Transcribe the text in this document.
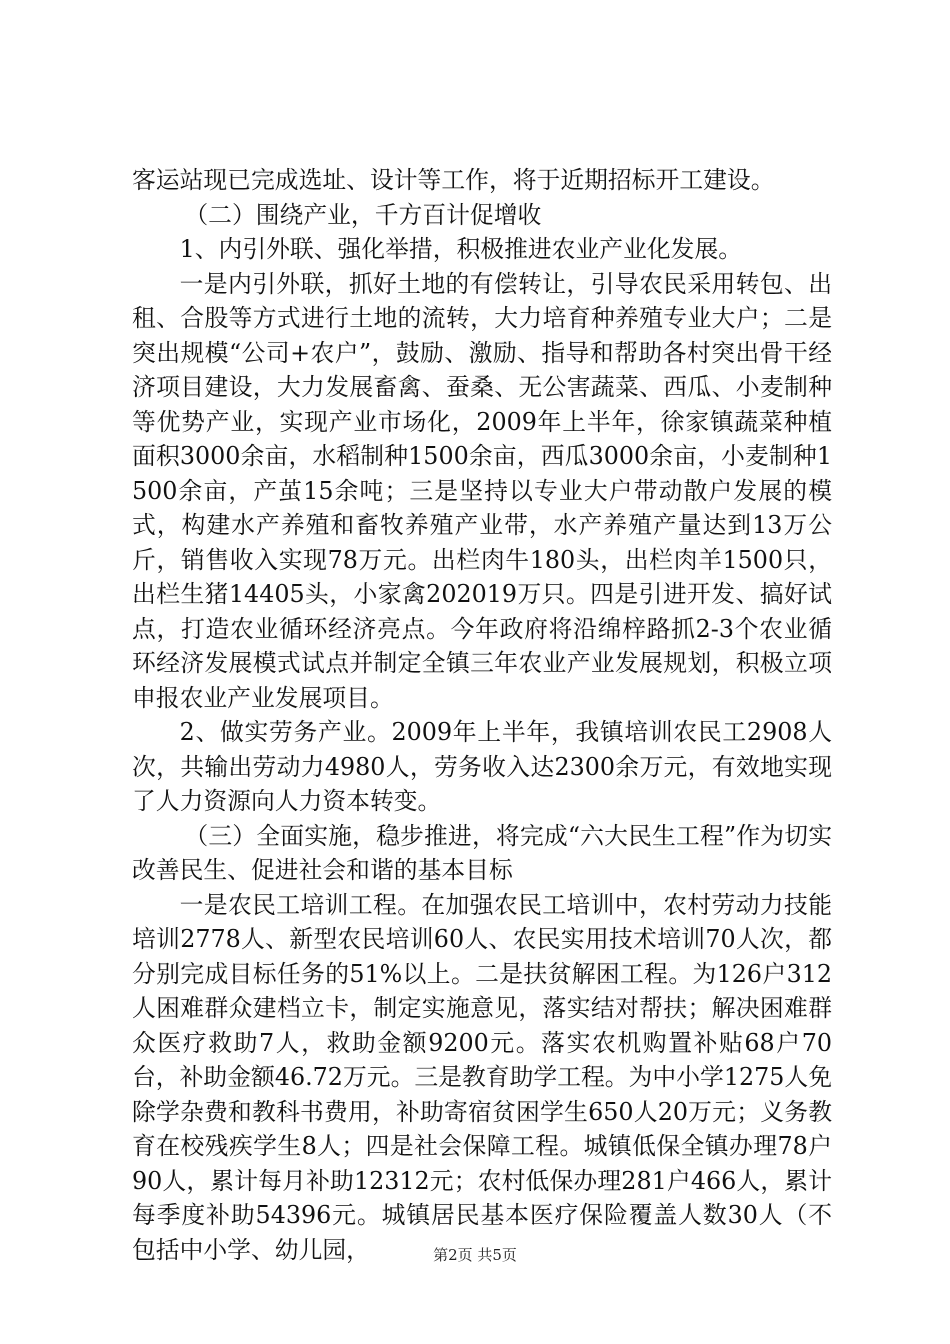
客运站现已完成选址、设计等工作，将于近期招标开工建设。

（二）围绕产业，千方百计促增收

1、内引外联、强化举措，积极推进农业产业化发展。

一是内引外联，抓好土地的有偿转让，引导农民采用转包、出租、合股等方式进行土地的流转，大力培育种养殖专业大户；二是突出规模“公司+农户”，鼓励、激励、指导和帮助各村突出骨干经济项目建设，大力发展畜禽、蚕桑、无公害蔬菜、西瓜、小麦制种等优势产业，实现产业市场化，2009年上半年，徐家镇蔬菜种植面积3000余亩，水稻制种1500余亩，西瓜3000余亩，小麦制种1500余亩，产茧15余吨；三是坚持以专业大户带动散户发展的模式，构建水产养殖和畜牧养殖产业带，水产养殖产量达到13万公斤，销售收入实现78万元。出栏肉牛180头，出栏肉羊1500只，出栏生猪14405头，小家禽202019万只。四是引进开发、搞好试点，打造农业循环经济亮点。今年政府将沿绵梓路抓2-3个农业循环经济发展模式试点并制定全镇三年农业产业发展规划，积极立项申报农业产业发展项目。

2、做实劳务产业。2009年上半年，我镇培训农民工2908人次，共输出劳动力4980人，劳务收入达2300余万元，有效地实现了人力资源向人力资本转变。

（三）全面实施，稳步推进，将完成“六大民生工程”作为切实改善民生、促进社会和谐的基本目标

一是农民工培训工程。在加强农民工培训中，农村劳动力技能培训2778人、新型农民培训60人、农民实用技术培训70人次，都分别完成目标任务的51%以上。二是扶贫解困工程。为126户312人困难群众建档立卡，制定实施意见，落实结对帮扶；解决困难群众医疗救助7人，救助金额9200元。落实农机购置补贴68户70台，补助金额46.72万元。三是教育助学工程。为中小学1275人免除学杂费和教科书费用，补助寄宿贫困学生650人20万元；义务教育在校残疾学生8人；四是社会保障工程。城镇低保全镇办理78户90人，累计每月补助12312元；农村低保办理281户466人，累计每季度补助54396元。城镇居民基本医疗保险覆盖人数30人（不包括中小学、幼儿园，	第2页 共5页
